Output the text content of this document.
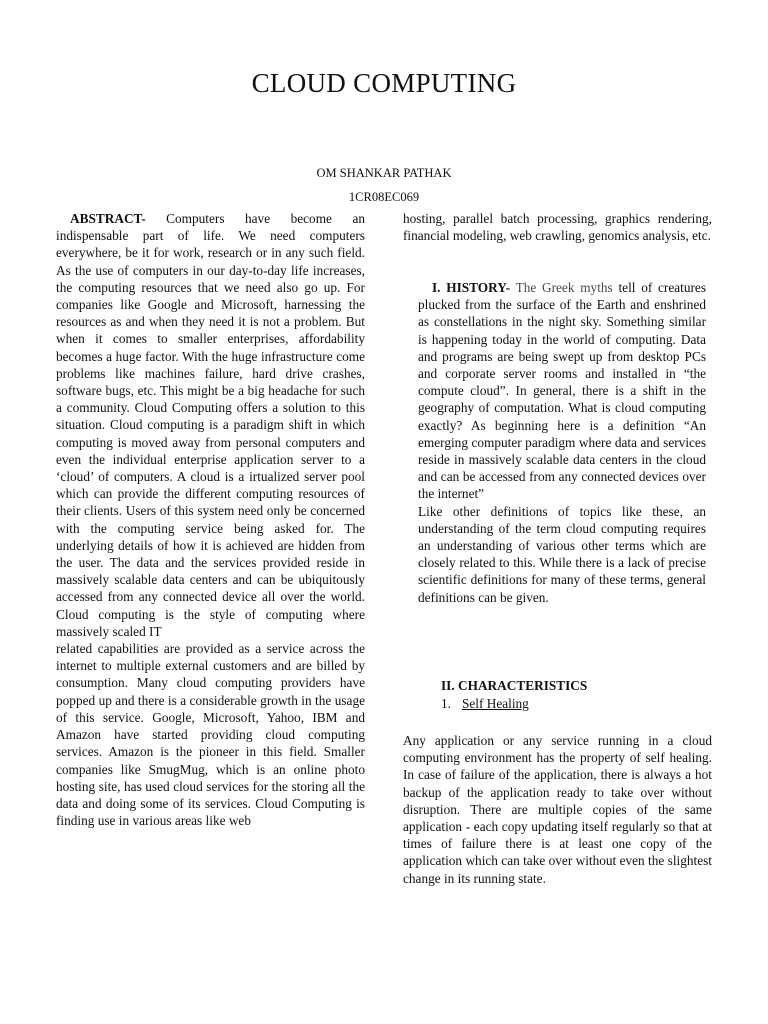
CLOUD COMPUTING
OM SHANKAR PATHAK
1CR08EC069

ABSTRACT- Computers have become an indispensable part of life. We need computers everywhere, be it for work, research or in any such field. As the use of computers in our day-to-day life increases, the computing resources that we need also go up. For companies like Google and Microsoft, harnessing the resources as and when they need it is not a problem. But when it comes to smaller enterprises, affordability becomes a huge factor. With the huge infrastructure come problems like machines failure, hard drive crashes, software bugs, etc. This might be a big headache for such a community. Cloud Computing offers a solution to this situation. Cloud computing is a paradigm shift in which computing is moved away from personal computers and even the individual enterprise application server to a ‘cloud’ of computers. A cloud is a irtualized server pool which can provide the different computing resources of their clients. Users of this system need only be concerned with the computing service being asked for. The underlying details of how it is achieved are hidden from the user. The data and the services provided reside in massively scalable data centers and can be ubiquitously accessed from any connected device all over the world. Cloud computing is the style of computing where massively scaled IT

related capabilities are provided as a service across the internet to multiple external customers and are billed by consumption. Many cloud computing providers have popped up and there is a considerable growth in the usage of this service. Google, Microsoft, Yahoo, IBM and Amazon have started providing cloud computing services. Amazon is the pioneer in this field. Smaller companies like SmugMug, which is an online photo hosting site, has used cloud services for the storing all the data and doing some of its services. Cloud Computing is finding use in various areas like web

hosting, parallel batch processing, graphics rendering, financial modeling, web crawling, genomics analysis, etc.

I. HISTORY- The Greek myths tell of creatures plucked from the surface of the Earth and enshrined as constellations in the night sky. Something similar is happening today in the world of computing. Data and programs are being swept up from desktop PCs and corporate server rooms and installed in “the compute cloud”. In general, there is a shift in the geography of computation. What is cloud computing exactly? As beginning here is a definition “An emerging computer paradigm where data and services reside in massively scalable data centers in the cloud and can be accessed from any connected devices over the internet”

Like other definitions of topics like these, an understanding of the term cloud computing requires an understanding of various other terms which are closely related to this. While there is a lack of precise scientific definitions for many of these terms, general definitions can be given.

II. CHARACTERISTICS
1. Self Healing
Any application or any service running in a cloud computing environment has the property of self healing. In case of failure of the application, there is always a hot backup of the application ready to take over without disruption. There are multiple copies of the same application - each copy updating itself regularly so that at times of failure there is at least one copy of the application which can take over without even the slightest change in its running state.
